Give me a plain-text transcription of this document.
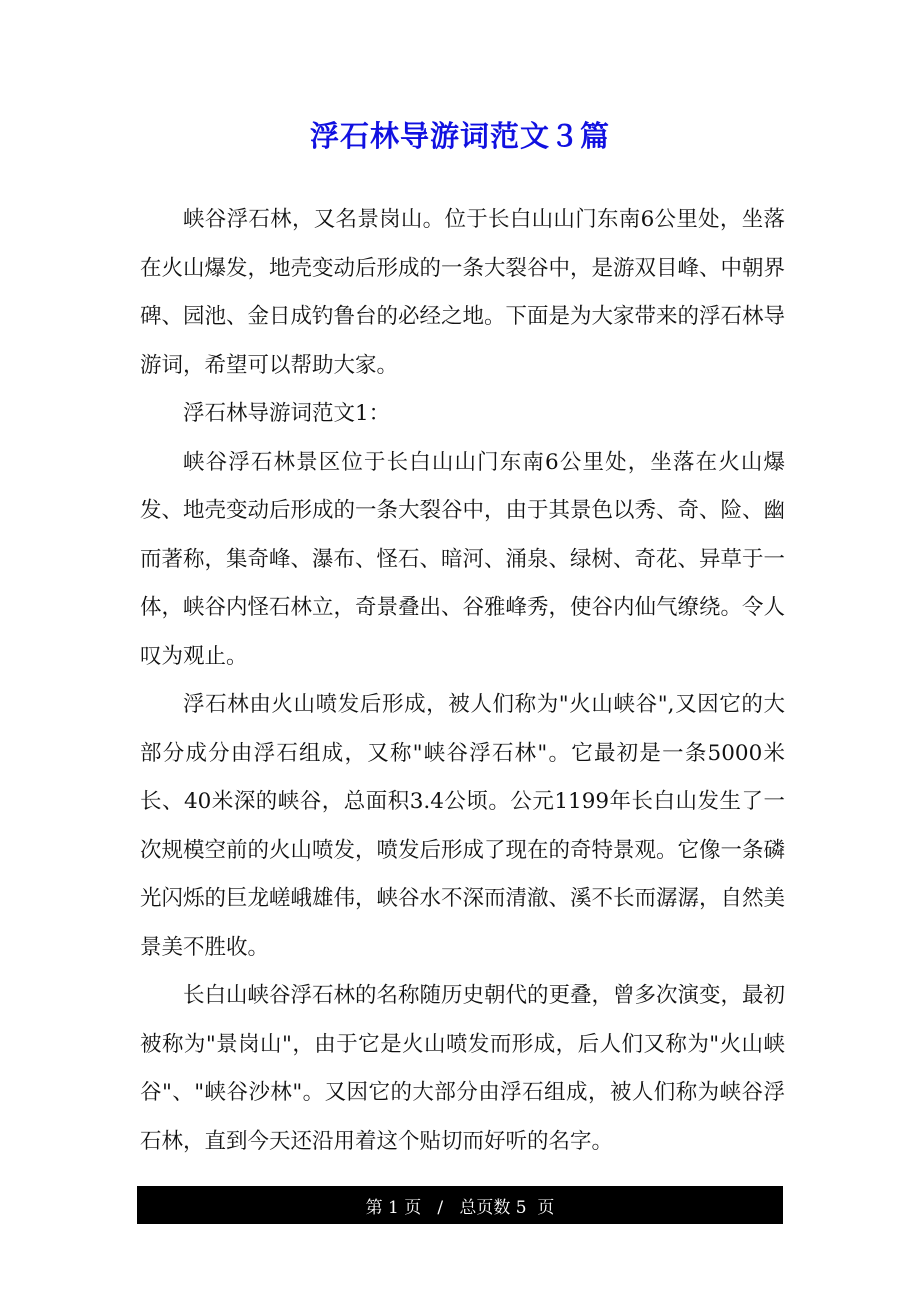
浮石林导游词范文３篇

峡谷浮石林，又名景岗山。位于长白山山门东南6公里处，坐落在火山爆发，地壳变动后形成的一条大裂谷中，是游双目峰、中朝界碑、园池、金日成钓鲁台的必经之地。下面是为大家带来的浮石林导游词，希望可以帮助大家。

浮石林导游词范文1：

峡谷浮石林景区位于长白山山门东南6公里处，坐落在火山爆发、地壳变动后形成的一条大裂谷中，由于其景色以秀、奇、险、幽而著称，集奇峰、瀑布、怪石、暗河、涌泉、绿树、奇花、异草于一体，峡谷内怪石林立，奇景叠出、谷雅峰秀，使谷内仙气缭绕。令人叹为观止。

浮石林由火山喷发后形成，被人们称为"火山峡谷",又因它的大部分成分由浮石组成，又称"峡谷浮石林"。它最初是一条5000米长、40米深的峡谷，总面积3.4公顷。公元1199年长白山发生了一次规模空前的火山喷发，喷发后形成了现在的奇特景观。它像一条磷光闪烁的巨龙嵯峨雄伟，峡谷水不深而清澈、溪不长而潺潺，自然美景美不胜收。

长白山峡谷浮石林的名称随历史朝代的更叠，曾多次演变，最初被称为"景岗山"，由于它是火山喷发而形成，后人们又称为"火山峡谷"、"峡谷沙林"。又因它的大部分由浮石组成，被人们称为峡谷浮石林，直到今天还沿用着这个贴切而好听的名字。

第 1 页   /   总页数 5  页
